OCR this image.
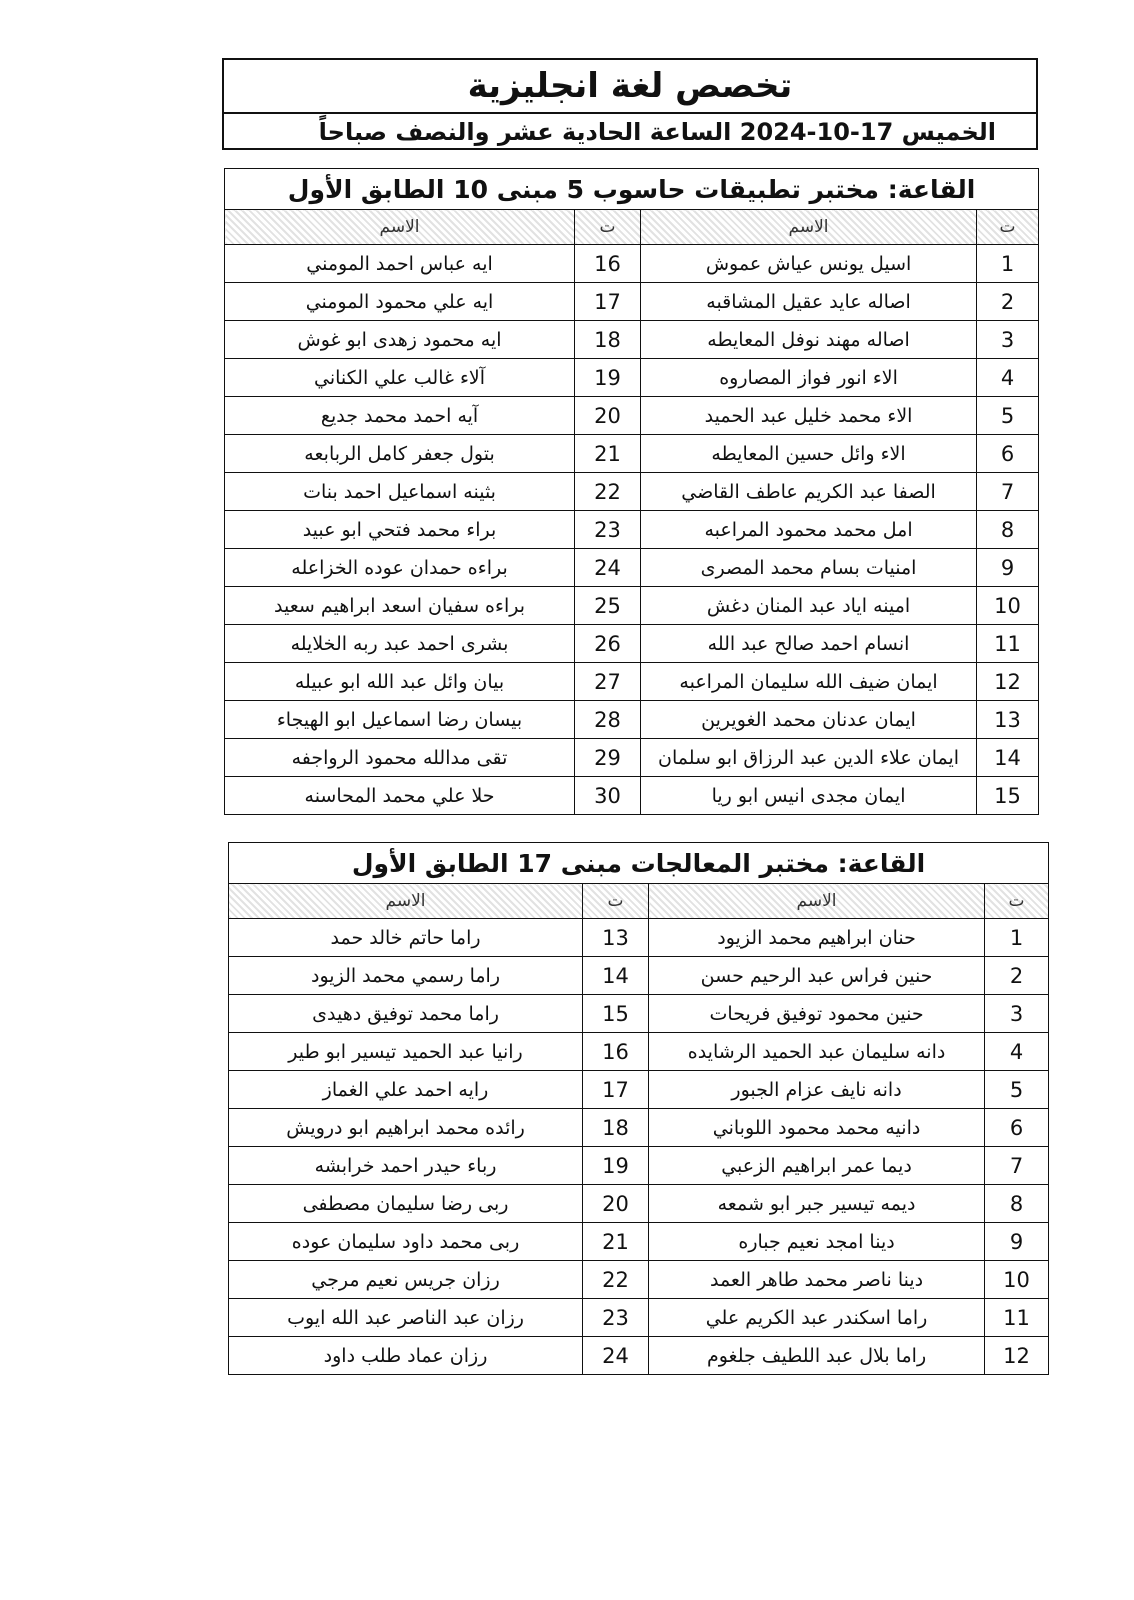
تخصص لغة انجليزية
الخميس 17-10-2024 الساعة الحادية عشر والنصف صباحاً
القاعة: مختبر تطبيقات حاسوب 5 مبنى 10 الطابق الأول			
ت	الاسم	ت	الاسم
1	اسيل يونس عياش عموش	16	ايه عباس احمد المومني
2	اصاله عايد عقيل المشاقبه	17	ايه علي محمود المومني
3	اصاله مهند نوفل المعايطه	18	ايه محمود زهدى ابو غوش
4	الاء انور فواز المصاروه	19	آلاء غالب علي الكناني
5	الاء محمد خليل عبد الحميد	20	آيه احمد محمد جديع
6	الاء وائل حسين المعايطه	21	بتول جعفر كامل الربابعه
7	الصفا عبد الكريم عاطف القاضي	22	بثينه اسماعيل احمد بنات
8	امل محمد محمود المراعبه	23	براء محمد فتحي ابو عبيد
9	امنيات بسام محمد المصرى	24	براءه حمدان عوده الخزاعله
10	امينه اياد عبد المنان دغش	25	براءه سفيان اسعد ابراهيم سعيد
11	انسام احمد صالح عبد الله	26	بشرى احمد عبد ربه الخلايله
12	ايمان ضيف الله سليمان المراعبه	27	بيان وائل عبد الله ابو عبيله
13	ايمان عدنان محمد الغويرين	28	بيسان رضا اسماعيل ابو الهيجاء
14	ايمان علاء الدين عبد الرزاق ابو سلمان	29	تقى مدالله محمود الرواجفه
15	ايمان مجدى انيس ابو ريا	30	حلا علي محمد المحاسنه
القاعة: مختبر المعالجات مبنى 17 الطابق الأول			
ت	الاسم	ت	الاسم
1	حنان ابراهيم محمد الزيود	13	راما حاتم خالد حمد
2	حنين فراس عبد الرحيم حسن	14	راما رسمي محمد الزيود
3	حنين محمود توفيق فريحات	15	راما محمد توفيق دهيدى
4	دانه سليمان عبد الحميد الرشايده	16	رانيا عبد الحميد تيسير ابو طير
5	دانه نايف عزام الجبور	17	رايه احمد علي الغماز
6	دانيه محمد محمود اللوباني	18	رائده محمد ابراهيم ابو درويش
7	ديما عمر ابراهيم الزعبي	19	رباء حيدر احمد خرابشه
8	ديمه تيسير جبر ابو شمعه	20	ربى رضا سليمان مصطفى
9	دينا امجد نعيم جباره	21	ربى محمد داود سليمان عوده
10	دينا ناصر محمد طاهر العمد	22	رزان جريس نعيم مرجي
11	راما اسكندر عبد الكريم علي	23	رزان عبد الناصر عبد الله ايوب
12	راما بلال عبد اللطيف جلغوم	24	رزان عماد طلب داود
